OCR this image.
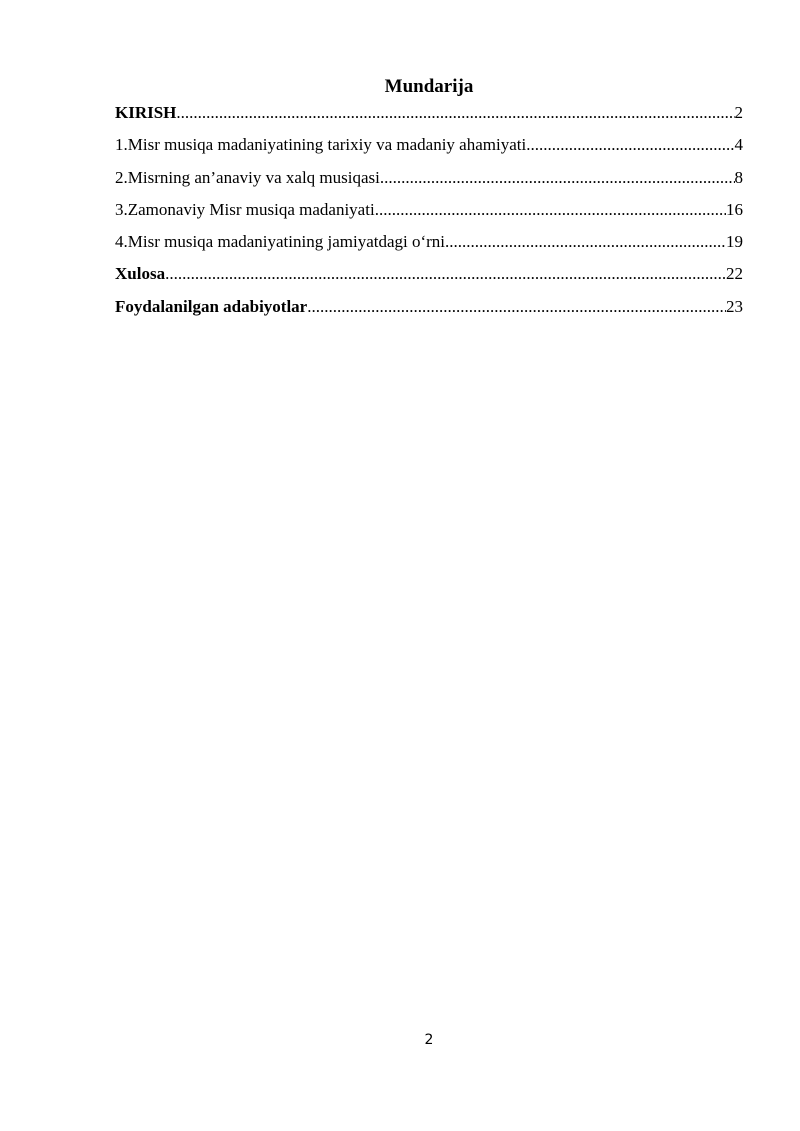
Mundarija
KIRISH .....	2
1.Misr musiqa madaniyatining tarixiy va madaniy ahamiyati .....	4
2.Misrning an’anaviy va xalq musiqasi .....	8
3.Zamonaviy Misr musiqa madaniyati .....	16
4.Misr musiqa madaniyatining jamiyatdagi o‘rni .....	19
Xulosa .....	22
Foydalanilgan adabiyotlar .....	23
2
